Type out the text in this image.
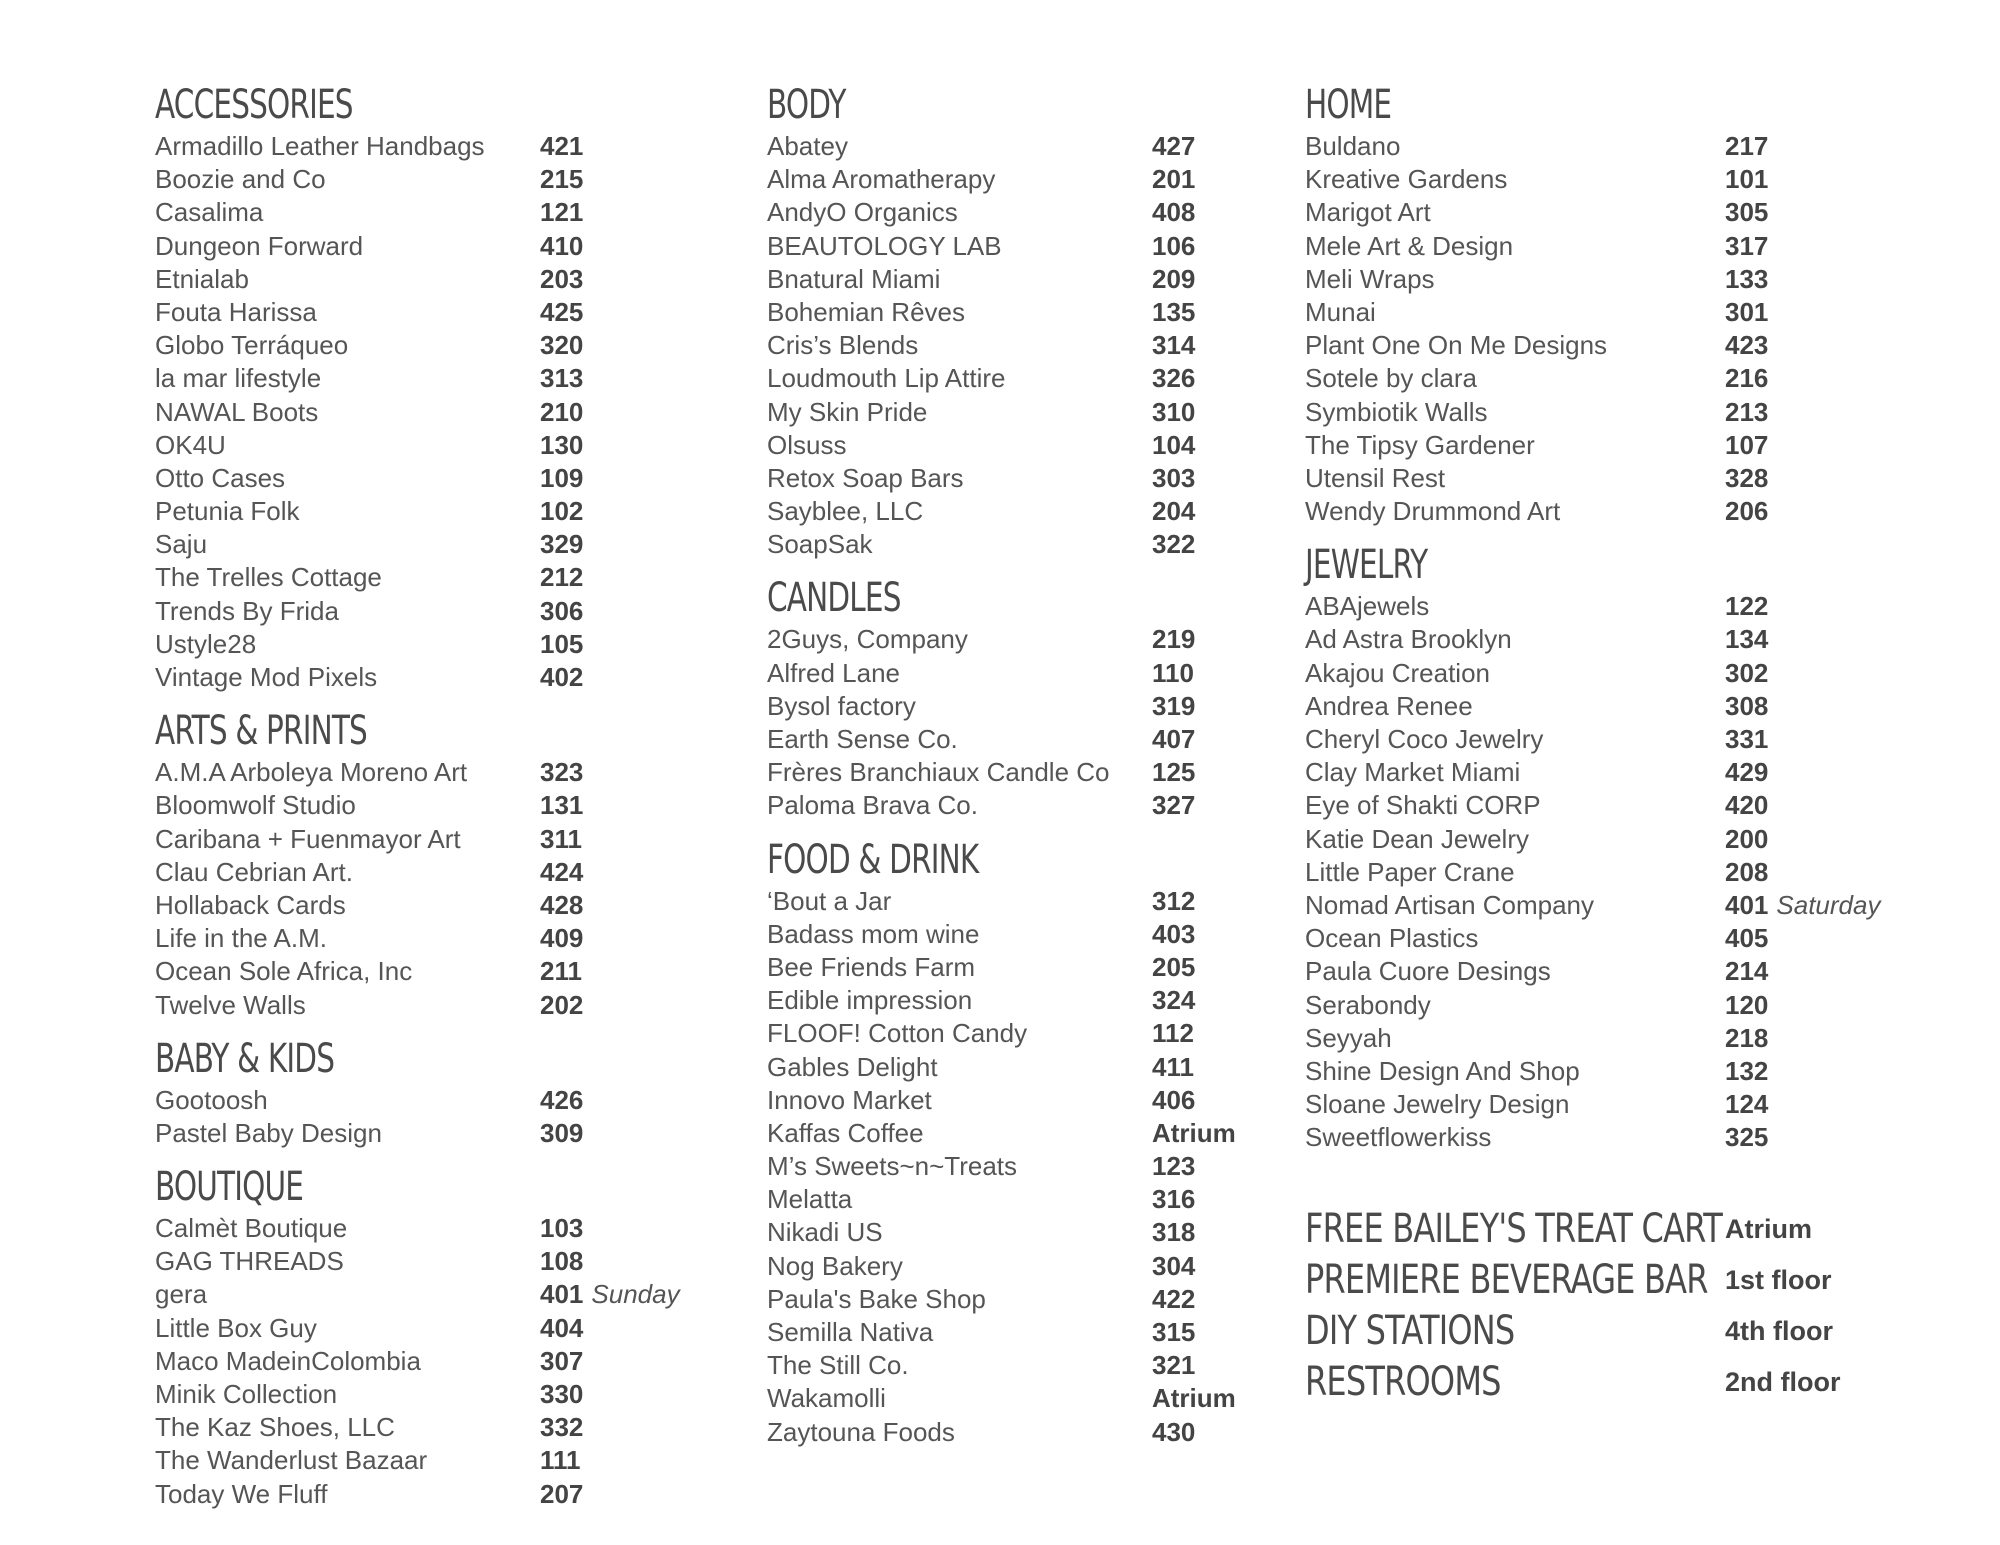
ACCESSORIES
Armadillo Leather Handbags 421
Boozie and Co	215
Casalima	121
Dungeon Forward	410
Etnialab	203
Fouta Harissa	425
Globo Terráqueo	320
la mar lifestyle	313
NAWAL Boots	210
OK4U	130
Otto Cases	109
Petunia Folk	102
Saju	329
The Trelles Cottage	212
Trends By Frida	306
Ustyle28	105
Vintage Mod Pixels	402
ARTS & PRINTS
A.M.A Arboleya Moreno Art	323
Bloomwolf Studio	131
Caribana + Fuenmayor Art	311
Clau Cebrian Art.	424
Hollaback Cards	428
Life in the A.M.	409
Ocean Sole Africa, Inc	211
Twelve Walls	202
BABY & KIDS
Gootoosh	426
Pastel Baby Design	309
BOUTIQUE
Calmèt Boutique	103
GAG THREADS	108
gera	401 Sunday
Little Box Guy	404
Maco MadeinColombia	307
Minik Collection	330
The Kaz Shoes, LLC	332
The Wanderlust Bazaar	111
Today We Fluff	207
BODY
Abatey	427
Alma Aromatherapy	201
AndyO Organics	408
BEAUTOLOGY LAB	106
Bnatural Miami	209
Bohemian Rêves	135
Cris’s Blends	314
Loudmouth Lip Attire	326
My Skin Pride	310
Olsuss	104
Retox Soap Bars	303
Sayblee, LLC	204
SoapSak	322
CANDLES
2Guys, Company	219
Alfred Lane	110
Bysol factory	319
Earth Sense Co.	407
Frères Branchiaux Candle Co 125
Paloma Brava Co.	327
FOOD & DRINK
‘Bout a Jar	312
Badass mom wine	403
Bee Friends Farm	205
Edible impression	324
FLOOF! Cotton Candy	112
Gables Delight	411
Innovo Market	406
Kaffas Coffee	Atrium
M’s Sweets~n~Treats	123
Melatta	316
Nikadi US	318
Nog Bakery	304
Paula's Bake Shop	422
Semilla Nativa	315
The Still Co.	321
Wakamolli	Atrium
Zaytouna Foods	430
HOME
Buldano	217
Kreative Gardens	101
Marigot Art	305
Mele Art & Design	317
Meli Wraps	133
Munai	301
Plant One On Me Designs	423
Sotele by clara	216
Symbiotik Walls	213
The Tipsy Gardener	107
Utensil Rest	328
Wendy Drummond Art	206
JEWELRY
ABAjewels	122
Ad Astra Brooklyn	134
Akajou Creation	302
Andrea Renee	308
Cheryl Coco Jewelry	331
Clay Market Miami	429
Eye of Shakti CORP	420
Katie Dean Jewelry	200
Little Paper Crane	208
Nomad Artisan Company	401 Saturday
Ocean Plastics	405
Paula Cuore Desings	214
Serabondy	120
Seyyah	218
Shine Design And Shop	132
Sloane Jewelry Design	124
Sweetflowerkiss	325
FREE BAILEY'S TREAT CART Atrium
PREMIERE BEVERAGE BAR 1st floor
DIY STATIONS	4th floor
RESTROOMS	2nd floor
